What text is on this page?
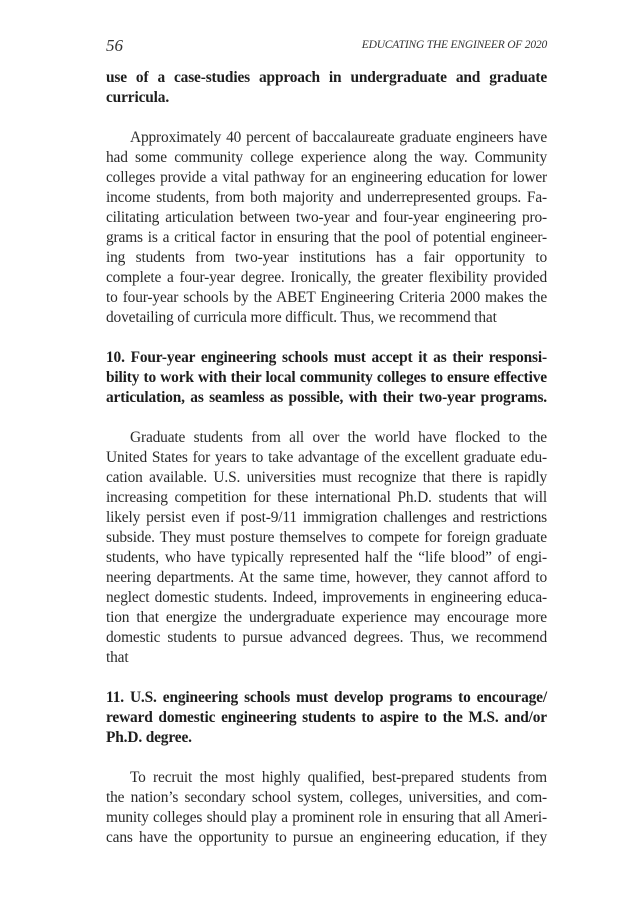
56	EDUCATING THE ENGINEER OF 2020
use of a case-studies approach in undergraduate and graduate
curricula.
Approximately 40 percent of baccalaureate graduate engineers have
had some community college experience along the way. Community
colleges provide a vital pathway for an engineering education for lower
income students, from both majority and underrepresented groups. Fa-
cilitating articulation between two-year and four-year engineering pro-
grams is a critical factor in ensuring that the pool of potential engineer-
ing students from two-year institutions has a fair opportunity to
complete a four-year degree. Ironically, the greater flexibility provided
to four-year schools by the ABET Engineering Criteria 2000 makes the
dovetailing of curricula more difficult. Thus, we recommend that
10. Four-year engineering schools must accept it as their responsi-
bility to work with their local community colleges to ensure effective
articulation, as seamless as possible, with their two-year programs.
Graduate students from all over the world have flocked to the
United States for years to take advantage of the excellent graduate edu-
cation available. U.S. universities must recognize that there is rapidly
increasing competition for these international Ph.D. students that will
likely persist even if post-9/11 immigration challenges and restrictions
subside. They must posture themselves to compete for foreign graduate
students, who have typically represented half the “life blood” of engi-
neering departments. At the same time, however, they cannot afford to
neglect domestic students. Indeed, improvements in engineering educa-
tion that energize the undergraduate experience may encourage more
domestic students to pursue advanced degrees. Thus, we recommend
that
11. U.S. engineering schools must develop programs to encourage/
reward domestic engineering students to aspire to the M.S. and/or
Ph.D. degree.
To recruit the most highly qualified, best-prepared students from
the nation’s secondary school system, colleges, universities, and com-
munity colleges should play a prominent role in ensuring that all Ameri-
cans have the opportunity to pursue an engineering education, if they
